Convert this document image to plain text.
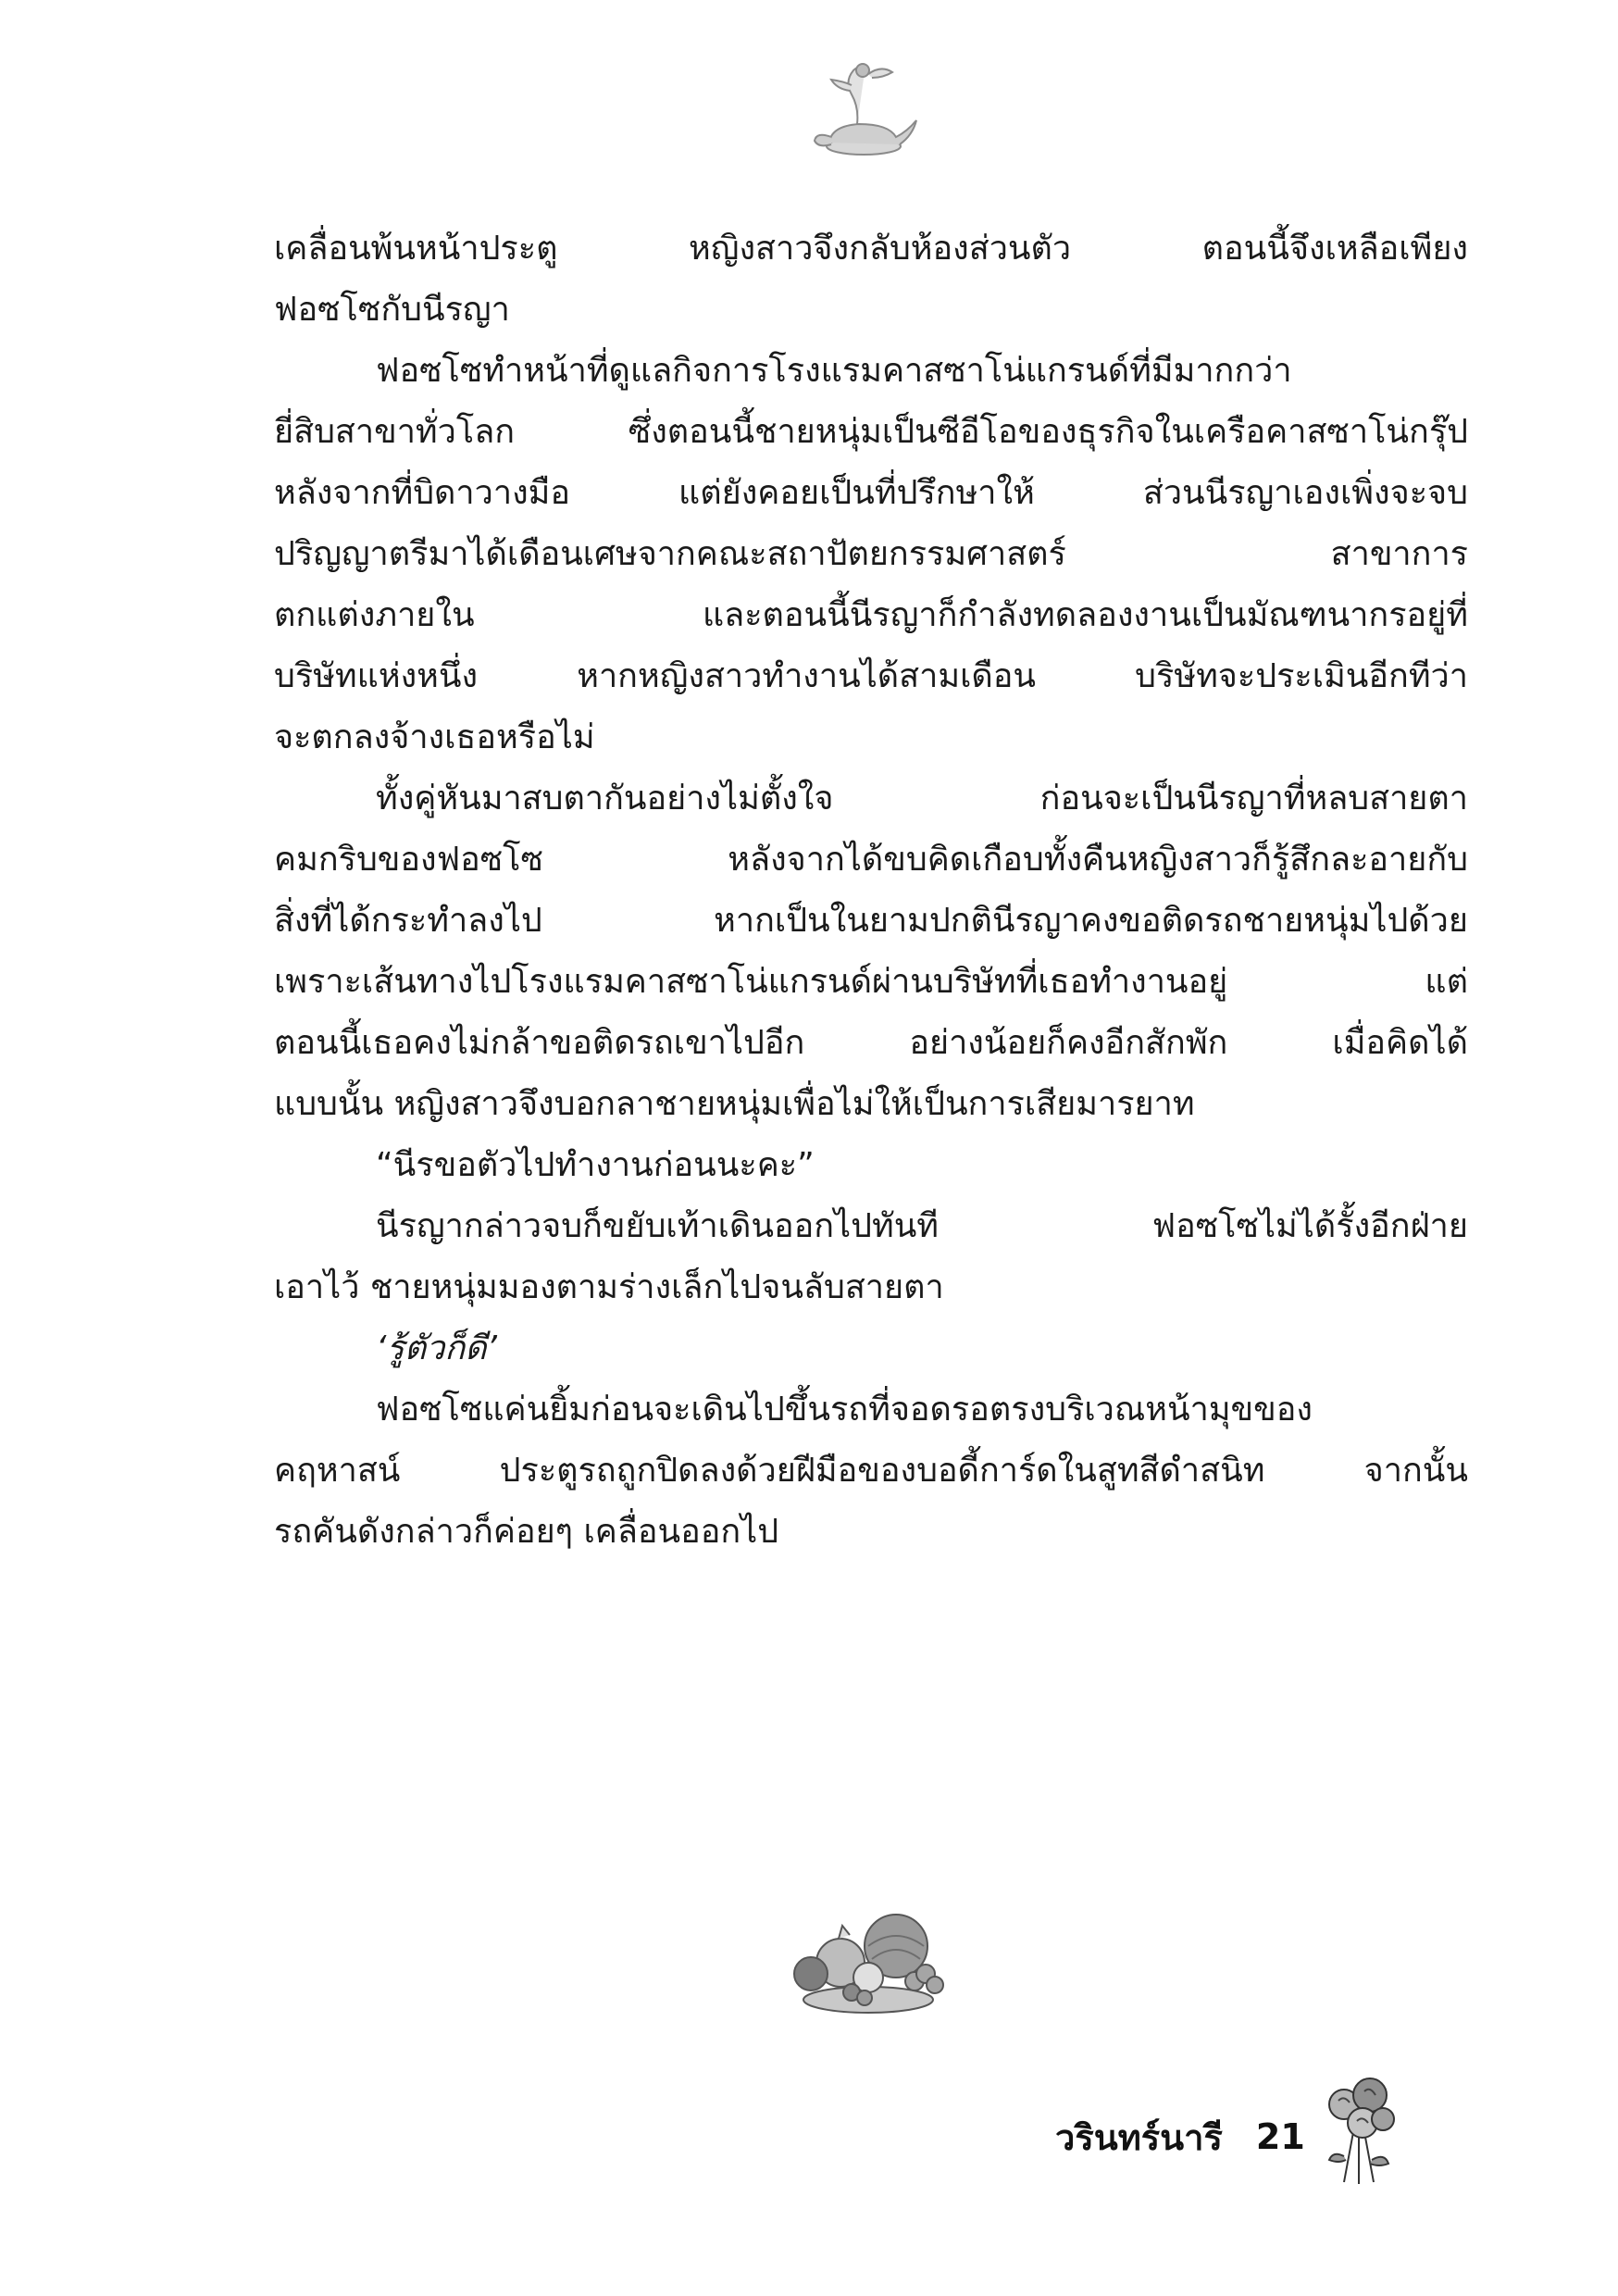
เคลื่อนพ้นหน้าประตู หญิงสาวจึงกลับห้องส่วนตัว ตอนนี้จึงเหลือเพียง
ฟอซโซกับนีรญา
ฟอซโซทำหน้าที่ดูแลกิจการโรงแรมคาสซาโน่แกรนด์ที่มีมากกว่า
ยี่สิบสาขาทั่วโลก ซึ่งตอนนี้ชายหนุ่มเป็นซีอีโอของธุรกิจในเครือคาสซาโน่กรุ๊ป
หลังจากที่บิดาวางมือ แต่ยังคอยเป็นที่ปรึกษาให้ ส่วนนีรญาเองเพิ่งจะจบ
ปริญญาตรีมาได้เดือนเศษจากคณะสถาปัตยกรรมศาสตร์ สาขาการ
ตกแต่งภายใน และตอนนี้นีรญาก็กำลังทดลองงานเป็นมัณฑนากรอยู่ที่
บริษัทแห่งหนึ่ง หากหญิงสาวทำงานได้สามเดือน บริษัทจะประเมินอีกทีว่า
จะตกลงจ้างเธอหรือไม่
ทั้งคู่หันมาสบตากันอย่างไม่ตั้งใจ ก่อนจะเป็นนีรญาที่หลบสายตา
คมกริบของฟอซโซ หลังจากได้ขบคิดเกือบทั้งคืนหญิงสาวก็รู้สึกละอายกับ
สิ่งที่ได้กระทำลงไป หากเป็นในยามปกตินีรญาคงขอติดรถชายหนุ่มไปด้วย
เพราะเส้นทางไปโรงแรมคาสซาโน่แกรนด์ผ่านบริษัทที่เธอทำงานอยู่ แต่
ตอนนี้เธอคงไม่กล้าขอติดรถเขาไปอีก อย่างน้อยก็คงอีกสักพัก เมื่อคิดได้
แบบนั้น หญิงสาวจึงบอกลาชายหนุ่มเพื่อไม่ให้เป็นการเสียมารยาท
“นีรขอตัวไปทำงานก่อนนะคะ”
นีรญากล่าวจบก็ขยับเท้าเดินออกไปทันที ฟอซโซไม่ได้รั้งอีกฝ่าย
เอาไว้ ชายหนุ่มมองตามร่างเล็กไปจนลับสายตา
‘รู้ตัวก็ดี’
ฟอซโซแค่นยิ้มก่อนจะเดินไปขึ้นรถที่จอดรอตรงบริเวณหน้ามุขของ
คฤหาสน์ ประตูรถถูกปิดลงด้วยฝีมือของบอดี้การ์ดในสูทสีดำสนิท จากนั้น
รถคันดังกล่าวก็ค่อยๆ เคลื่อนออกไป
วรินทร์นารี 21
